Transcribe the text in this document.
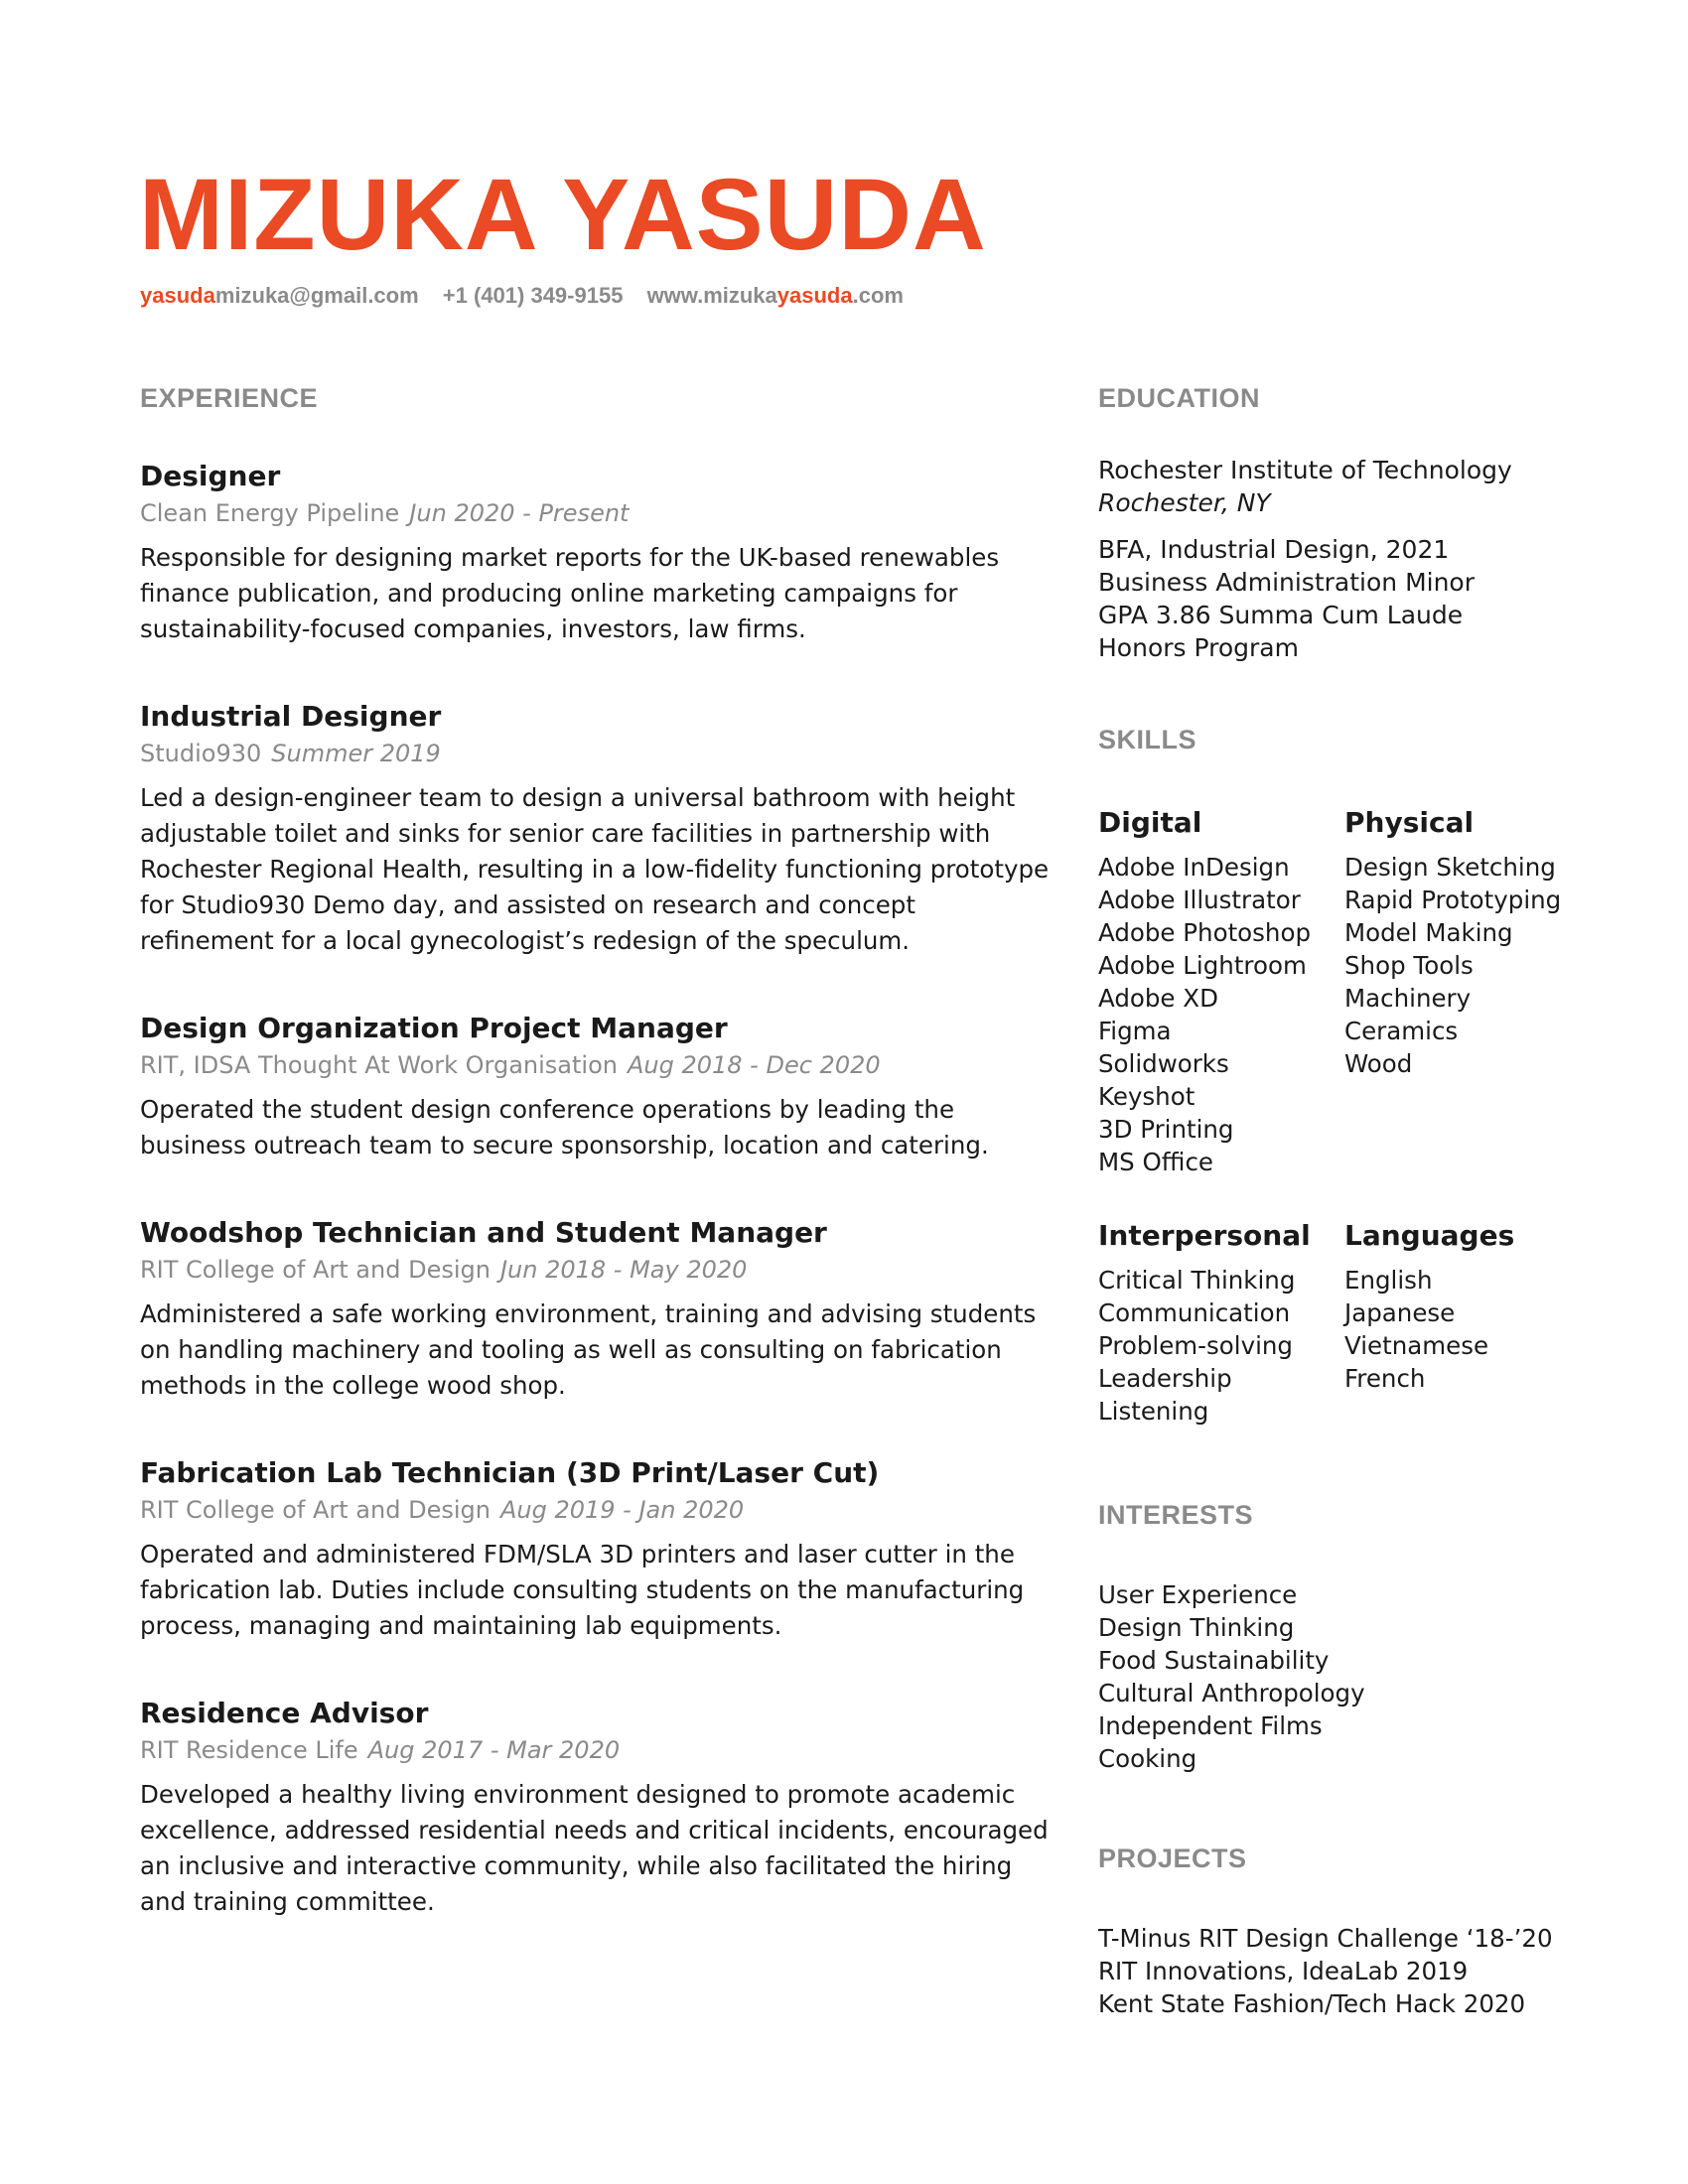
MIZUKA YASUDA
yasudamizuka@gmail.com +1 (401) 349-9155 www.mizukayasuda.com
EXPERIENCE
Designer
Clean Energy Pipeline Jun 2020 - Present
Responsible for designing market reports for the UK-based renewables finance publication, and producing online marketing campaigns for sustainability-focused companies, investors, law firms.
Industrial Designer
Studio930 Summer 2019
Led a design-engineer team to design a universal bathroom with height adjustable toilet and sinks for senior care facilities in partnership with Rochester Regional Health, resulting in a low-fidelity functioning prototype for Studio930 Demo day, and assisted on research and concept refinement for a local gynecologist’s redesign of the speculum.
Design Organization Project Manager
RIT, IDSA Thought At Work Organisation Aug 2018 - Dec 2020
Operated the student design conference operations by leading the business outreach team to secure sponsorship, location and catering.
Woodshop Technician and Student Manager
RIT College of Art and Design Jun 2018 - May 2020
Administered a safe working environment, training and advising students on handling machinery and tooling as well as consulting on fabrication methods in the college wood shop.
Fabrication Lab Technician (3D Print/Laser Cut)
RIT College of Art and Design Aug 2019 - Jan 2020
Operated and administered FDM/SLA 3D printers and laser cutter in the fabrication lab. Duties include consulting students on the manufacturing process, managing and maintaining lab equipments.
Residence Advisor
RIT Residence Life Aug 2017 - Mar 2020
Developed a healthy living environment designed to promote academic excellence, addressed residential needs and critical incidents, encouraged an inclusive and interactive community, while also facilitated the hiring and training committee.
EDUCATION
Rochester Institute of Technology
Rochester, NY
BFA, Industrial Design, 2021
Business Administration Minor
GPA 3.86 Summa Cum Laude
Honors Program
SKILLS
Digital
Adobe InDesign
Adobe Illustrator
Adobe Photoshop
Adobe Lightroom
Adobe XD
Figma
Solidworks
Keyshot
3D Printing
MS Office
Physical
Design Sketching
Rapid Prototyping
Model Making
Shop Tools
Machinery
Ceramics
Wood
Interpersonal
Critical Thinking
Communication
Problem-solving
Leadership
Listening
Languages
English
Japanese
Vietnamese
French
INTERESTS
User Experience
Design Thinking
Food Sustainability
Cultural Anthropology
Independent Films
Cooking
PROJECTS
T-Minus RIT Design Challenge ‘18-’20
RIT Innovations, IdeaLab 2019
Kent State Fashion/Tech Hack 2020
